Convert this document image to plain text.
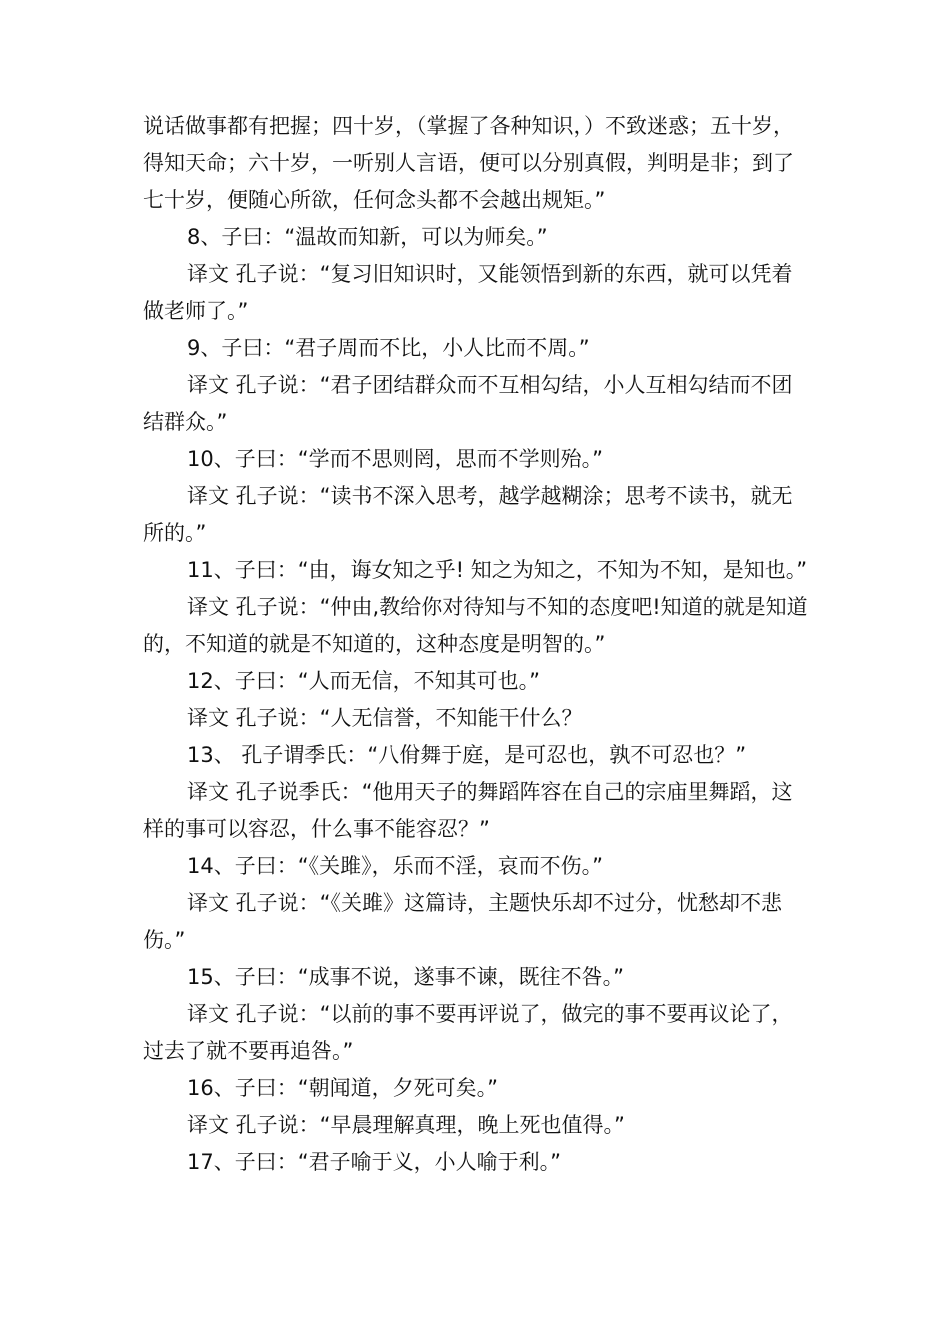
说话做事都有把握；四十岁，（掌握了各种知识，）不致迷惑；五十岁，得知天命；六十岁，一听别人言语，便可以分别真假，判明是非；到了七十岁，便随心所欲，任何念头都不会越出规矩。”

8、子曰：“温故而知新，可以为师矣。”

译文 孔子说：“复习旧知识时，又能领悟到新的东西，就可以凭着做老师了。”

9、子曰：“君子周而不比，小人比而不周。”

译文 孔子说：“君子团结群众而不互相勾结，小人互相勾结而不团结群众。”

10、子曰：“学而不思则罔，思而不学则殆。”

译文 孔子说：“读书不深入思考，越学越糊涂；思考不读书，就无所的。”

11、子曰：“由，诲女知之乎! 知之为知之，不知为不知，是知也。”

译文 孔子说：“仲由,教给你对待知与不知的态度吧!知道的就是知道的，不知道的就是不知道的，这种态度是明智的。”

12、子曰：“人而无信，不知其可也。”

译文 孔子说：“人无信誉，不知能干什么？

13、 孔子谓季氏：“八佾舞于庭，是可忍也，孰不可忍也？”

译文 孔子说季氏：“他用天子的舞蹈阵容在自己的宗庙里舞蹈，这样的事可以容忍，什么事不能容忍？”

14、子曰：“《关雎》，乐而不淫，哀而不伤。”

译文 孔子说：“《关雎》这篇诗，主题快乐却不过分，忧愁却不悲伤。”

15、子曰：“成事不说，遂事不谏，既往不咎。”

译文 孔子说：“以前的事不要再评说了，做完的事不要再议论了，过去了就不要再追咎。”

16、子曰：“朝闻道，夕死可矣。”

译文 孔子说：“早晨理解真理，晚上死也值得。”

17、子曰：“君子喻于义，小人喻于利。”
